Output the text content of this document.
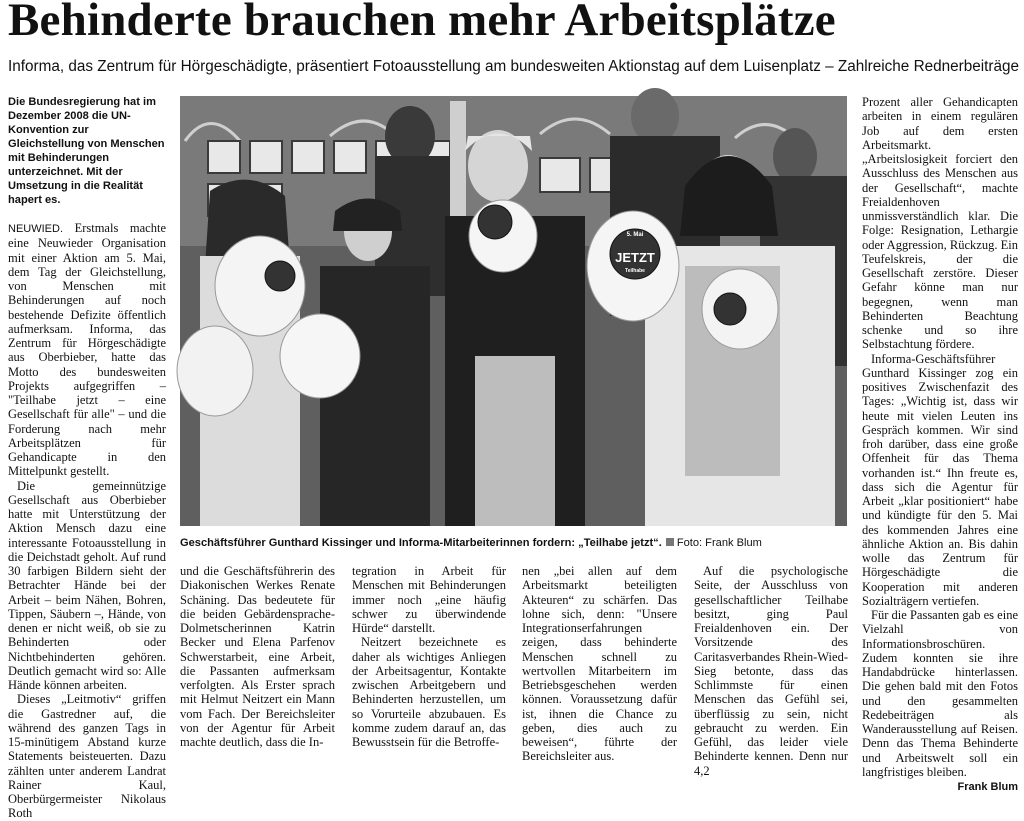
Behinderte brauchen mehr Arbeitsplätze
Informa, das Zentrum für Hörgeschädigte, präsentiert Fotoausstellung am bundesweiten Aktionstag auf dem Luisenplatz – Zahlreiche Rednerbeiträge

Die Bundesregierung hat im Dezember 2008 die UN-Konvention zur Gleichstellung von Menschen mit Behinderungen unterzeichnet. Mit der Umsetzung in die Realität hapert es.

NEUWIED. Erstmals machte eine Neuwieder Organisation mit einer Aktion am 5. Mai, dem Tag der Gleichstellung, von Menschen mit Behinderungen auf noch bestehende Defizite öffentlich aufmerksam. Informa, das Zentrum für Hörgeschädigte aus Oberbieber, hatte das Motto des bundesweiten Projekts aufgegriffen – "Teilhabe jetzt – eine Gesellschaft für alle" – und die Forderung nach mehr Arbeitsplätzen für Gehandicapte in den Mittelpunkt gestellt.

Die gemeinnützige Gesellschaft aus Oberbieber hatte mit Unterstützung der Aktion Mensch dazu eine interessante Fotoausstellung in die Deichstadt geholt. Auf rund 30 farbigen Bildern sieht der Betrachter Hände bei der Arbeit – beim Nähen, Bohren, Tippen, Säubern –, Hände, von denen er nicht weiß, ob sie zu Behinderten oder Nichtbehinderten gehören. Deutlich gemacht wird so: Alle Hände können arbeiten.

Dieses „Leitmotiv“ griffen die Gastredner auf, die während des ganzen Tags in 15-minütigem Abstand kurze Statements beisteuerten. Dazu zählten unter anderem Landrat Rainer Kaul, Oberbürgermeister Nikolaus Roth

5. Mai
JETZT
Teilhabe
Geschäftsführer Gunthard Kissinger und Informa-Mitarbeiterinnen fordern: „Teilhabe jetzt“. Foto: Frank Blum

und die Geschäftsführerin des Diakonischen Werkes Renate Schäning. Das bedeutete für die beiden Gebärdensprache-Dolmetscherinnen Katrin Becker und Elena Parfenov Schwerstarbeit, eine Arbeit, die Passanten aufmerksam verfolgten. Als Erster sprach mit Helmut Neitzert ein Mann vom Fach. Der Bereichsleiter von der Agentur für Arbeit machte deutlich, dass die In-

tegration in Arbeit für Menschen mit Behinderungen immer noch „eine häufig schwer zu überwindende Hürde“ darstellt.

Neitzert bezeichnete es daher als wichtiges Anliegen der Arbeitsagentur, Kontakte zwischen Arbeitgebern und Behinderten herzustellen, um so Vorurteile abzubauen. Es komme zudem darauf an, das Bewusstsein für die Betroffe-

nen „bei allen auf dem Arbeitsmarkt beteiligten Akteuren“ zu schärfen. Das lohne sich, denn: "Unsere Integrationserfahrungen zeigen, dass behinderte Menschen schnell zu wertvollen Mitarbeitern im Betriebsgeschehen werden können. Voraussetzung dafür ist, ihnen die Chance zu geben, dies auch zu beweisen“, führte der Bereichsleiter aus.

Auf die psychologische Seite, der Ausschluss von gesellschaftlicher Teilhabe besitzt, ging Paul Freialdenhoven ein. Der Vorsitzende des Caritasverbandes Rhein-Wied-Sieg betonte, dass das Schlimmste für einen Menschen das Gefühl sei, überflüssig zu sein, nicht gebraucht zu werden. Ein Gefühl, das leider viele Behinderte kennen. Denn nur 4,2

Prozent aller Gehandicapten arbeiten in einem regulären Job auf dem ersten Arbeitsmarkt. „Arbeitslosigkeit forciert den Ausschluss des Menschen aus der Gesellschaft“, machte Freialdenhoven unmissverständlich klar. Die Folge: Resignation, Lethargie oder Aggression, Rückzug. Ein Teufelskreis, der die Gesellschaft zerstöre. Dieser Gefahr könne man nur begegnen, wenn man Behinderten Beachtung schenke und so ihre Selbstachtung fördere.

Informa-Geschäftsführer Gunthard Kissinger zog ein positives Zwischenfazit des Tages: „Wichtig ist, dass wir heute mit vielen Leuten ins Gespräch kommen. Wir sind froh darüber, dass eine große Offenheit für das Thema vorhanden ist.“ Ihn freute es, dass sich die Agentur für Arbeit „klar positioniert“ habe und kündigte für den 5. Mai des kommenden Jahres eine ähnliche Aktion an. Bis dahin wolle das Zentrum für Hörgeschädigte die Kooperation mit anderen Sozialträgern vertiefen.

Für die Passanten gab es eine Vielzahl von Informationsbroschüren. Zudem konnten sie ihre Handabdrücke hinterlassen. Die gehen bald mit den Fotos und den gesammelten Redebeiträgen als Wanderausstellung auf Reisen. Denn das Thema Behinderte und Arbeitswelt soll ein langfristiges bleiben.

Frank Blum
